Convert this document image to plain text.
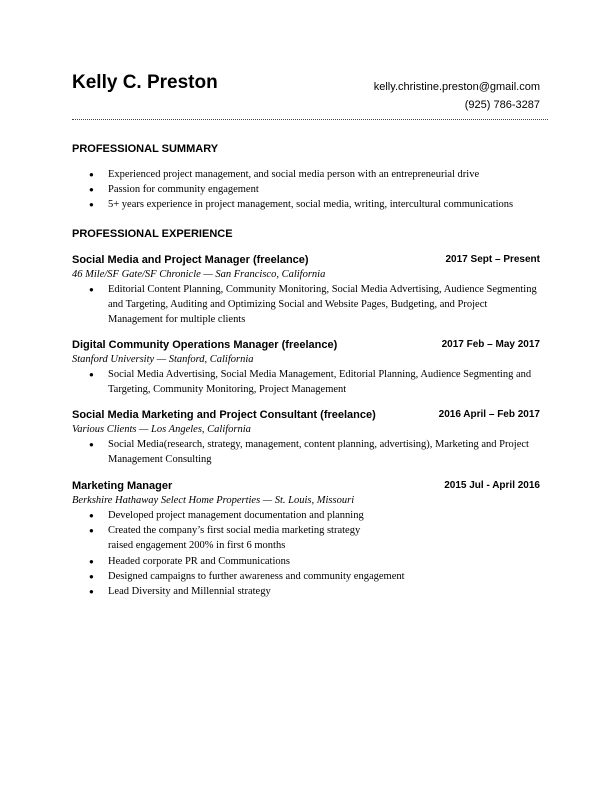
Kelly C. Preston	kelly.christine.preston@gmail.com
(925) 786-3287
PROFESSIONAL SUMMARY
● Experienced project management, and social media person with an entrepreneurial drive
● Passion for community engagement
● 5+ years experience in project management, social media, writing, intercultural communications
PROFESSIONAL EXPERIENCE
Social Media and Project Manager (freelance)	2017 Sept – Present
46 Mile/SF Gate/SF Chronicle — San Francisco, California
● Editorial Content Planning, Community Monitoring, Social Media Advertising, Audience Segmenting and Targeting, Auditing and Optimizing Social and Website Pages, Budgeting, and Project Management for multiple clients
Digital Community Operations Manager (freelance)	2017 Feb – May 2017
Stanford University — Stanford, California
● Social Media Advertising, Social Media Management, Editorial Planning, Audience Segmenting and Targeting, Community Monitoring, Project Management
Social Media Marketing and Project Consultant (freelance)	2016 April – Feb 2017
Various Clients — Los Angeles, California
● Social Media(research, strategy, management, content planning, advertising), Marketing and Project Management Consulting
Marketing Manager	2015 Jul - April 2016
Berkshire Hathaway Select Home Properties — St. Louis, Missouri
● Developed project management documentation and planning
● Created the company’s first social media marketing strategy
raised engagement 200% in first 6 months
● Headed corporate PR and Communications
● Designed campaigns to further awareness and community engagement
● Lead Diversity and Millennial strategy
